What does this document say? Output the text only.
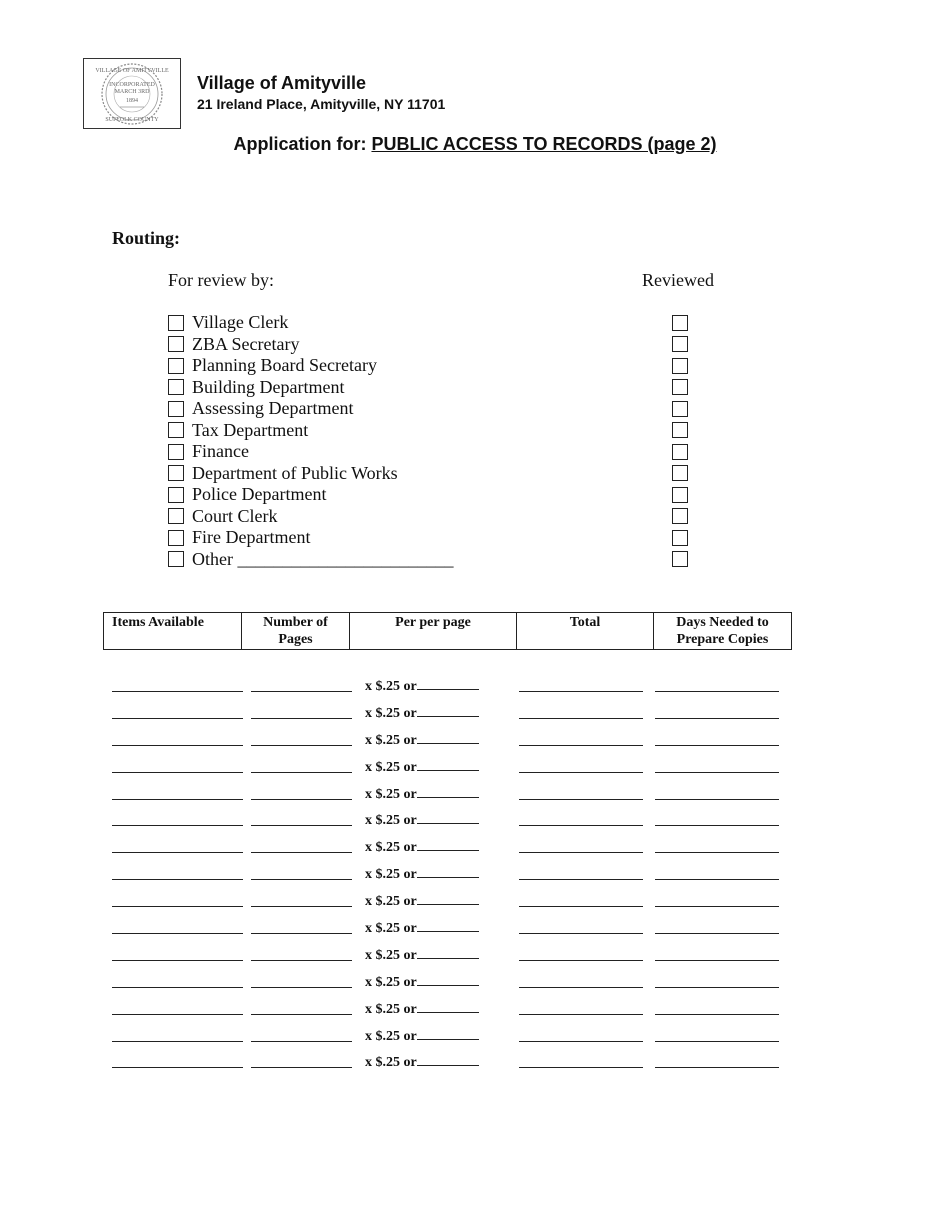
VILLAGE OF AMITYVILLE
INCORPORATED
MARCH 3RD
1894
SUFFOLK COUNTY
Village of Amityville
21 Ireland Place, Amityville, NY 11701
Application for: PUBLIC ACCESS TO RECORDS (page 2)
Routing:
For review by:	Reviewed
Village Clerk
ZBA Secretary
Planning Board Secretary
Building Department
Assessing Department
Tax Department
Finance
Department of Public Works
Police Department
Court Clerk
Fire Department
Other ________________________
Items Available	Number of Pages	Per per page	Total	Days Needed to Prepare Copies
x $.25 or
x $.25 or
x $.25 or
x $.25 or
x $.25 or
x $.25 or
x $.25 or
x $.25 or
x $.25 or
x $.25 or
x $.25 or
x $.25 or
x $.25 or
x $.25 or
x $.25 or
